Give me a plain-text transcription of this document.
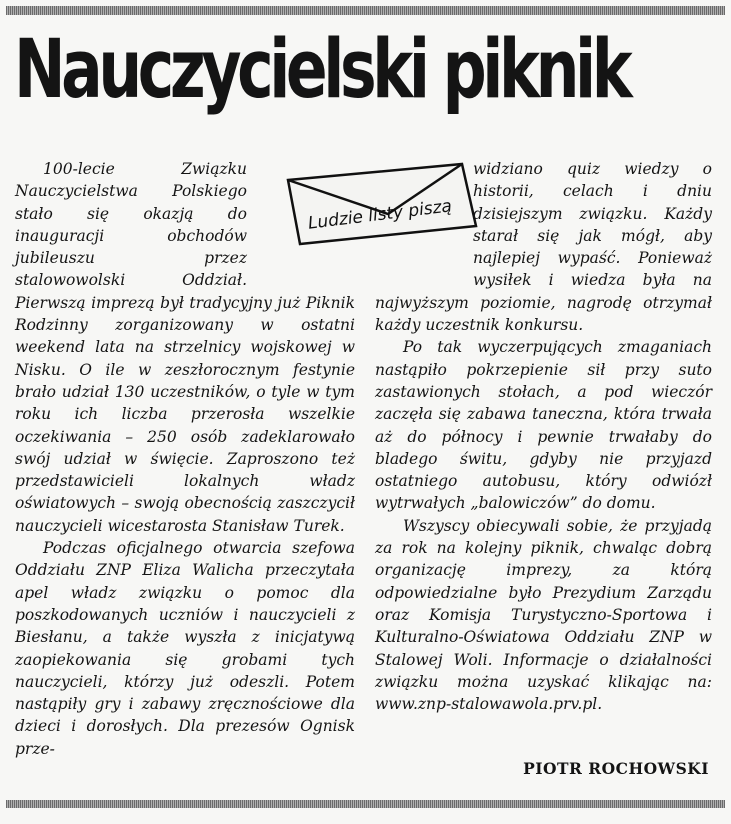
Nauczycielski piknik
Ludzie listy piszą

100-lecie Związku Nauczycielstwa Polskiego stało się okazją do inauguracji obchodów jubileuszu przez stalowowolski Oddział. Pierwszą imprezą był tradycyjny już Piknik Rodzinny zorganizowany w ostatni weekend lata na strzelnicy wojskowej w Nisku. O ile w zeszłorocznym festynie brało udział 130 uczestników, o tyle w tym roku ich liczba przerosła wszelkie oczekiwania – 250 osób zadeklarowało swój udział w święcie. Zaproszono też przedstawicieli lokalnych władz oświatowych – swoją obecnością zaszczycił nauczycieli wicestarosta Stanisław Turek.

Podczas oficjalnego otwarcia szefowa Oddziału ZNP Eliza Walicha przeczytała apel władz związku o pomoc dla poszkodowanych uczniów i nauczycieli z Biesłanu, a także wyszła z inicjatywą zaopiekowania się grobami tych nauczycieli, którzy już odeszli. Potem nastąpiły gry i zabawy zręcznościowe dla dzieci i dorosłych. Dla prezesów Ognisk prze-

widziano quiz wiedzy o historii, celach i dniu dzisiejszym związku. Każdy starał się jak mógł, aby najlepiej wypaść. Ponieważ wysiłek i wiedza była na najwyższym poziomie, nagrodę otrzymał każdy uczestnik konkursu.

Po tak wyczerpujących zmaganiach nastąpiło pokrzepienie sił przy suto zastawionych stołach, a pod wieczór zaczęła się zabawa taneczna, która trwała aż do północy i pewnie trwałaby do bladego świtu, gdyby nie przyjazd ostatniego autobusu, który odwiózł wytrwałych „balowiczów” do domu.

Wszyscy obiecywali sobie, że przyjadą za rok na kolejny piknik, chwaląc dobrą organizację imprezy, za którą odpowiedzialne było Prezydium Zarządu oraz Komisja Turystyczno-Sportowa i Kulturalno-Oświatowa Oddziału ZNP w Stalowej Woli. Informacje o działalności związku można uzyskać klikając na: www.znp-stalowawola.prv.pl.

PIOTR ROCHOWSKI
